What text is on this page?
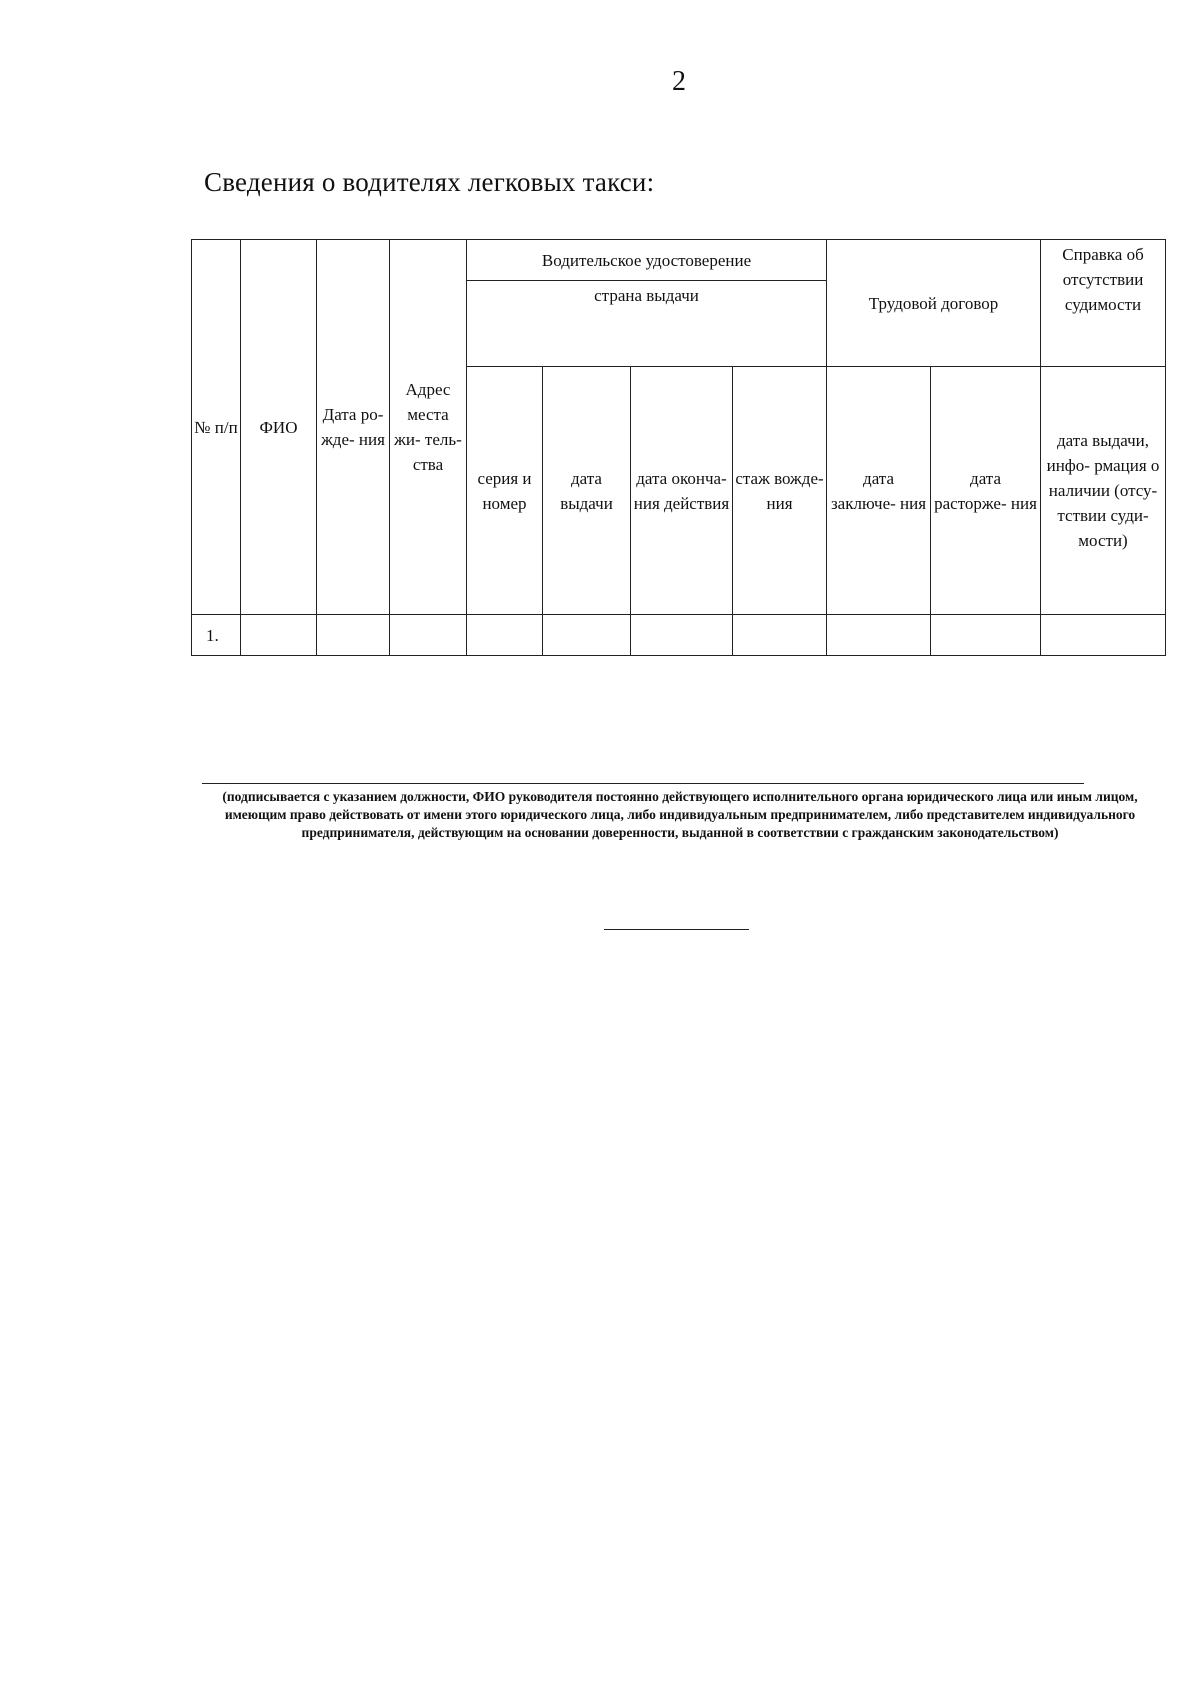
2
Сведения о водителях легковых такси:
№ п/п	ФИО	Дата ро- жде- ния	Адрес места жи- тель- ства	Водительское удостоверение				Трудовой договор		Справка об отсутствии судимости
				страна выдачи						
				серия и номер	дата выдачи	дата оконча- ния действия	стаж вожде- ния	дата заключе- ния	дата расторже- ния	дата выдачи, инфо- рмация о наличии (отсу- тствии суди- мости)
1.										
(подписывается с указанием должности, ФИО руководителя постоянно действующего исполнительного органа юридического лица или иным лицом, имеющим право действовать от имени этого юридического лица, либо индивидуальным предпринимателем, либо представителем индивидуального предпринимателя, действующим на основании доверенности, выданной в соответствии с гражданским законодательством)
